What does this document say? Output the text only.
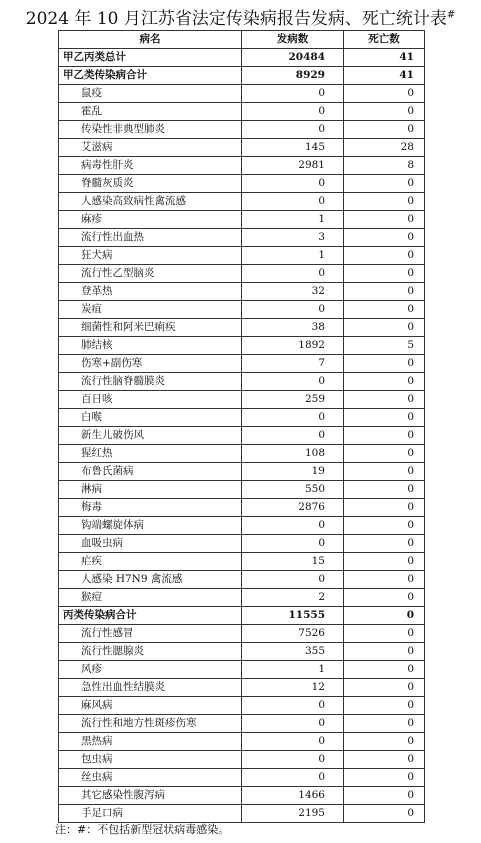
2024 年 10 月江苏省法定传染病报告发病、死亡统计表#
病名	发病数	死亡数
甲乙丙类总计	20484	41
甲乙类传染病合计	8929	41
鼠疫	0	0
霍乱	0	0
传染性非典型肺炎	0	0
艾滋病	145	28
病毒性肝炎	2981	8
脊髓灰质炎	0	0
人感染高致病性禽流感	0	0
麻疹	1	0
流行性出血热	3	0
狂犬病	1	0
流行性乙型脑炎	0	0
登革热	32	0
炭疽	0	0
细菌性和阿米巴痢疾	38	0
肺结核	1892	5
伤寒+副伤寒	7	0
流行性脑脊髓膜炎	0	0
百日咳	259	0
白喉	0	0
新生儿破伤风	0	0
猩红热	108	0
布鲁氏菌病	19	0
淋病	550	0
梅毒	2876	0
钩端螺旋体病	0	0
血吸虫病	0	0
疟疾	15	0
人感染 H7N9 禽流感	0	0
猴痘	2	0
丙类传染病合计	11555	0
流行性感冒	7526	0
流行性腮腺炎	355	0
风疹	1	0
急性出血性结膜炎	12	0
麻风病	0	0
流行性和地方性斑疹伤寒	0	0
黑热病	0	0
包虫病	0	0
丝虫病	0	0
其它感染性腹泻病	1466	0
手足口病	2195	0
注：#：不包括新型冠状病毒感染。
